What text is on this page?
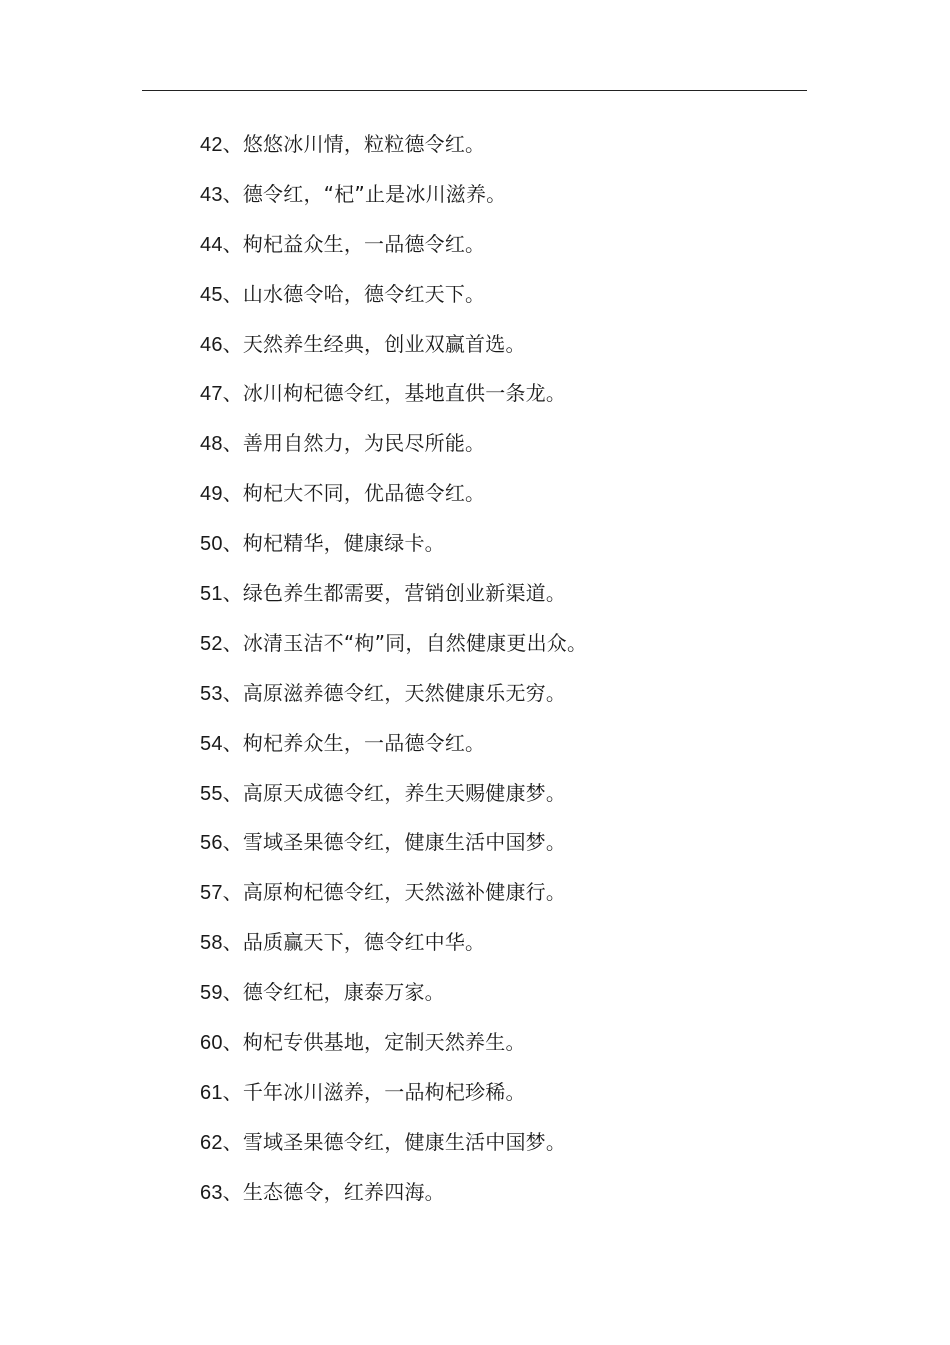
42、悠悠冰川情，粒粒德令红。
43、德令红，“杞”止是冰川滋养。
44、枸杞益众生，一品德令红。
45、山水德令哈，德令红天下。
46、天然养生经典，创业双赢首选。
47、冰川枸杞德令红，基地直供一条龙。
48、善用自然力，为民尽所能。
49、枸杞大不同，优品德令红。
50、枸杞精华，健康绿卡。
51、绿色养生都需要，营销创业新渠道。
52、冰清玉洁不“枸”同，自然健康更出众。
53、高原滋养德令红，天然健康乐无穷。
54、枸杞养众生，一品德令红。
55、高原天成德令红，养生天赐健康梦。
56、雪域圣果德令红，健康生活中国梦。
57、高原枸杞德令红，天然滋补健康行。
58、品质赢天下，德令红中华。
59、德令红杞，康泰万家。
60、枸杞专供基地，定制天然养生。
61、千年冰川滋养，一品枸杞珍稀。
62、雪域圣果德令红，健康生活中国梦。
63、生态德令，红养四海。
